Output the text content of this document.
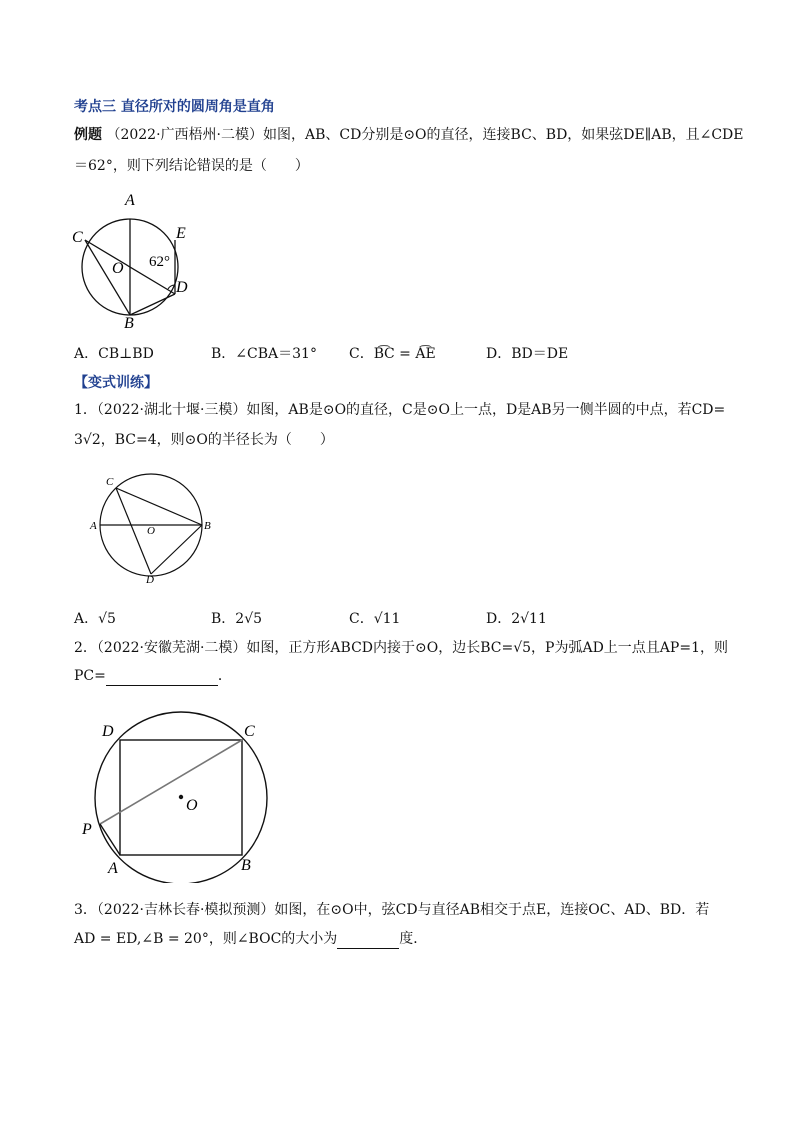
考点三 直径所对的圆周角是直角
例题 （2022·广西梧州·二模）如图，AB、CD分别是⊙O的直径，连接BC、BD，如果弦DE∥AB，且∠CDE
＝62°，则下列结论错误的是（　　）
A
B
C
D
E
O 62°
A．CB⊥BD	B．∠CBA＝31° C．B͡C = A͡E	D．BD＝DE
【变式训练】
1．（2022·湖北十堰·三模）如图，AB是⊙O的直径，C是⊙O上一点，D是AB另一侧半圆的中点，若CD=
3√2，BC=4，则⊙O的半径长为（　　）
C
A	B
O
D
A．√5	B．2√5	C．√11	D．2√11
2．（2022·安徽芜湖·二模）如图，正方形ABCD内接于⊙O，边长BC=√5，P为弧AD上一点且AP=1，则
PC=	．
D	C
O
P
A	B
3．（2022·吉林长春·模拟预测）如图，在⊙O中，弦CD与直径AB相交于点E，连接OC、AD、BD．若
AD = ED,∠B = 20°，则∠BOC的大小为	度．
